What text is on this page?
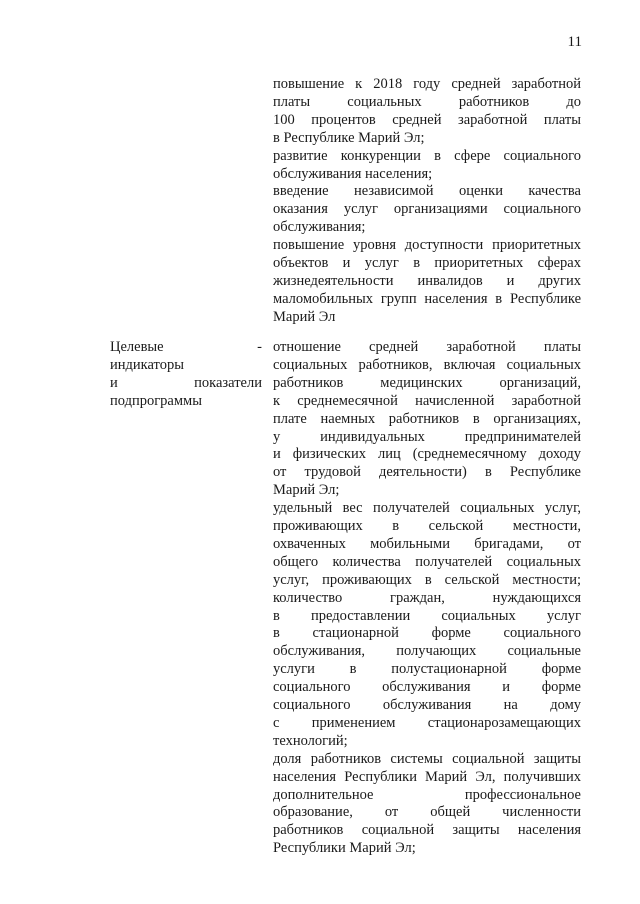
11
повышение к 2018 году средней заработной
платы социальных работников до
100 процентов средней заработной платы
в Республике Марий Эл;
развитие конкуренции в сфере социального
обслуживания населения;
введение независимой оценки качества
оказания услуг организациями социального
обслуживания;
повышение уровня доступности приоритетных
объектов и услуг в приоритетных сферах
жизнедеятельности инвалидов и других
маломобильных групп населения в Республике
Марий Эл
Целевые -
индикаторы
и показатели
подпрограммы
отношение средней заработной платы
социальных работников, включая социальных
работников медицинских организаций,
к среднемесячной начисленной заработной
плате наемных работников в организациях,
у индивидуальных предпринимателей
и физических лиц (среднемесячному доходу
от трудовой деятельности) в Республике
Марий Эл;
удельный вес получателей социальных услуг,
проживающих в сельской местности,
охваченных мобильными бригадами, от
общего количества получателей социальных
услуг, проживающих в сельской местности;
количество граждан, нуждающихся
в предоставлении социальных услуг
в стационарной форме социального
обслуживания, получающих социальные
услуги в полустационарной форме
социального обслуживания и форме
социального обслуживания на дому
с применением стационарозамещающих
технологий;
доля работников системы социальной защиты
населения Республики Марий Эл, получивших
дополнительное профессиональное
образование, от общей численности
работников социальной защиты населения
Республики Марий Эл;
